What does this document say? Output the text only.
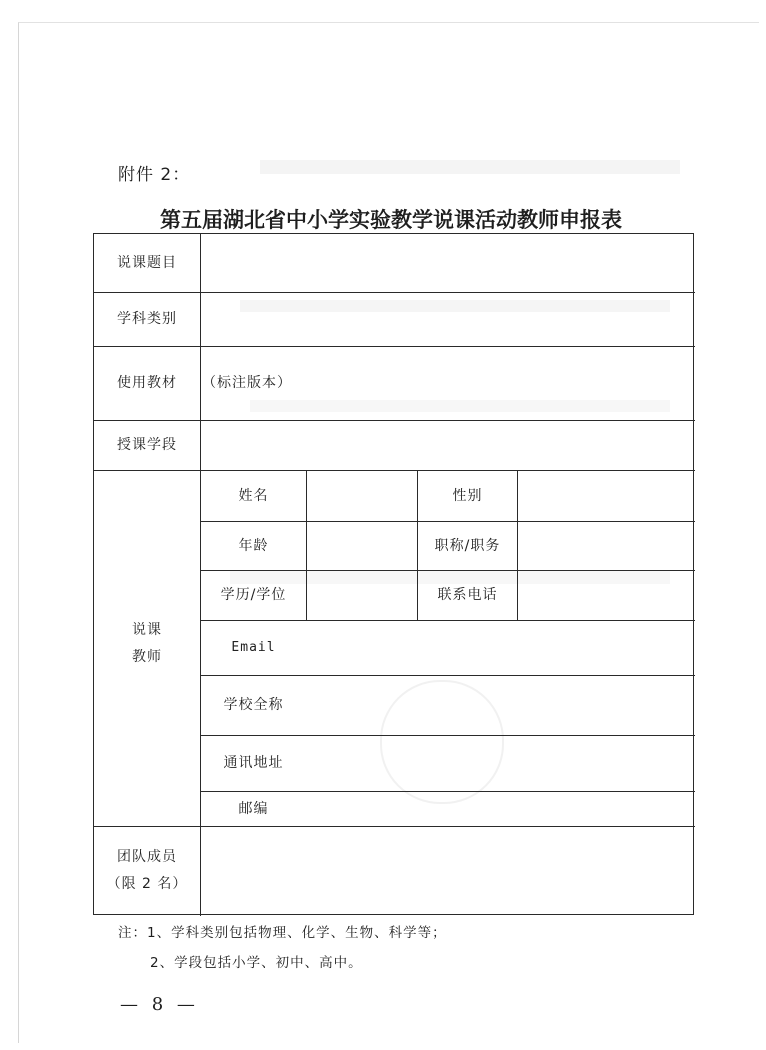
附件 2：
第五届湖北省中小学实验教学说课活动教师申报表
说课题目
学科类别
使用教材	（标注版本）
授课学段
说课
教师
姓名	性别
年龄	职称/职务
学历/学位	联系电话
Email
学校全称
通讯地址
邮编
团队成员
（限 2 名）
注：1、学科类别包括物理、化学、生物、科学等；
2、学段包括小学、初中、高中。
— 8 —
